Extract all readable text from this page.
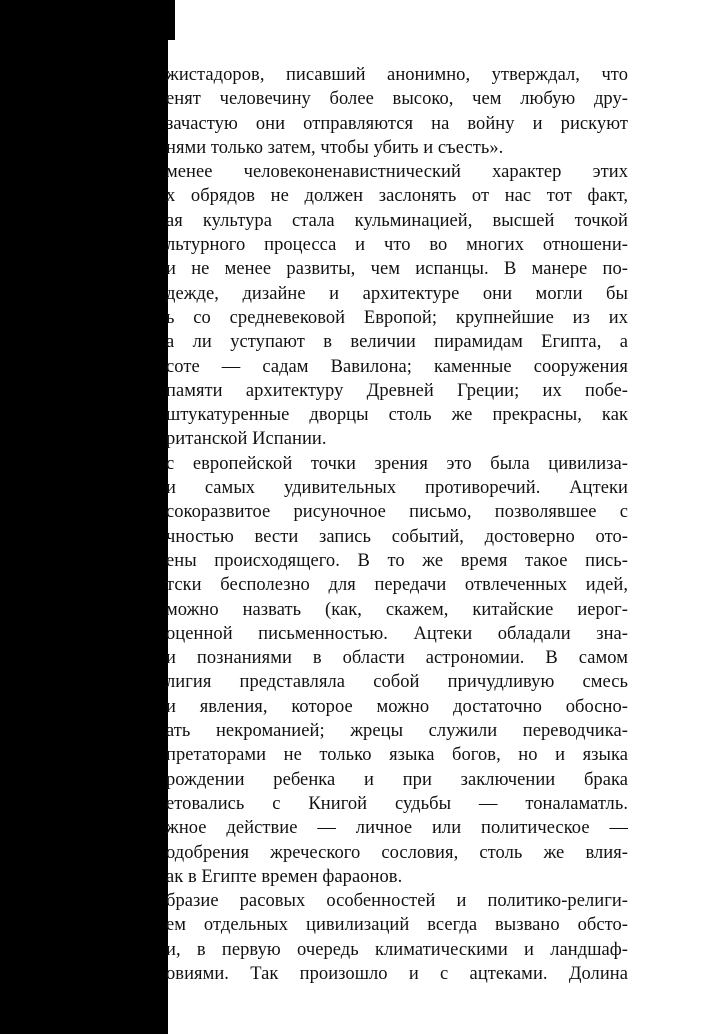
жистадоров, писавший анонимно, утверждал, что
енят человечину более высоко, чем любую дру-
зачастую они отправляются на войну и рискуют
нями только затем, чтобы убить и съесть».
менее человеконенавистнический характер этих
х обрядов не должен заслонять от нас тот факт,
ая культура стала кульминацией, высшей точкой
льтурного процесса и что во многих отношени-
и не менее развиты, чем испанцы. В манере по-
дежде, дизайне и архитектуре они могли бы
ь со средневековой Европой; крупнейшие из их
а ли уступают в величии пирамидам Египта, а
соте — садам Вавилона; каменные сооружения
памяти архитектуру Древней Греции; их побе-
штукатуренные дворцы столь же прекрасны, как
ританской Испании.
с европейской точки зрения это была цивилиза-
и самых удивительных противоречий. Ацтеки
сокоразвитое рисуночное письмо, позволявшее с
чностью вести запись событий, достоверно ото-
ены происходящего. В то же время такое пись-
тски бесполезно для передачи отвлеченных идей,
можно назвать (как, скажем, китайские иерог-
оценной письменностью. Ацтеки обладали зна-
и познаниями в области астрономии. В самом
лигия представляла собой причудливую смесь
и явления, которое можно достаточно обосно-
ать некроманией; жрецы служили переводчика-
претаторами не только языка богов, но и языка
рождении ребенка и при заключении брака
етовались с Книгой судьбы — тоналаматль.
жное действие — личное или политическое —
одобрения жреческого сословия, столь же влия-
ак в Египте времен фараонов.
бразие расовых особенностей и политико-религи-
ем отдельных цивилизаций всегда вызвано обсто-
и, в первую очередь климатическими и ландшаф-
овиями. Так произошло и с ацтеками. Долина
